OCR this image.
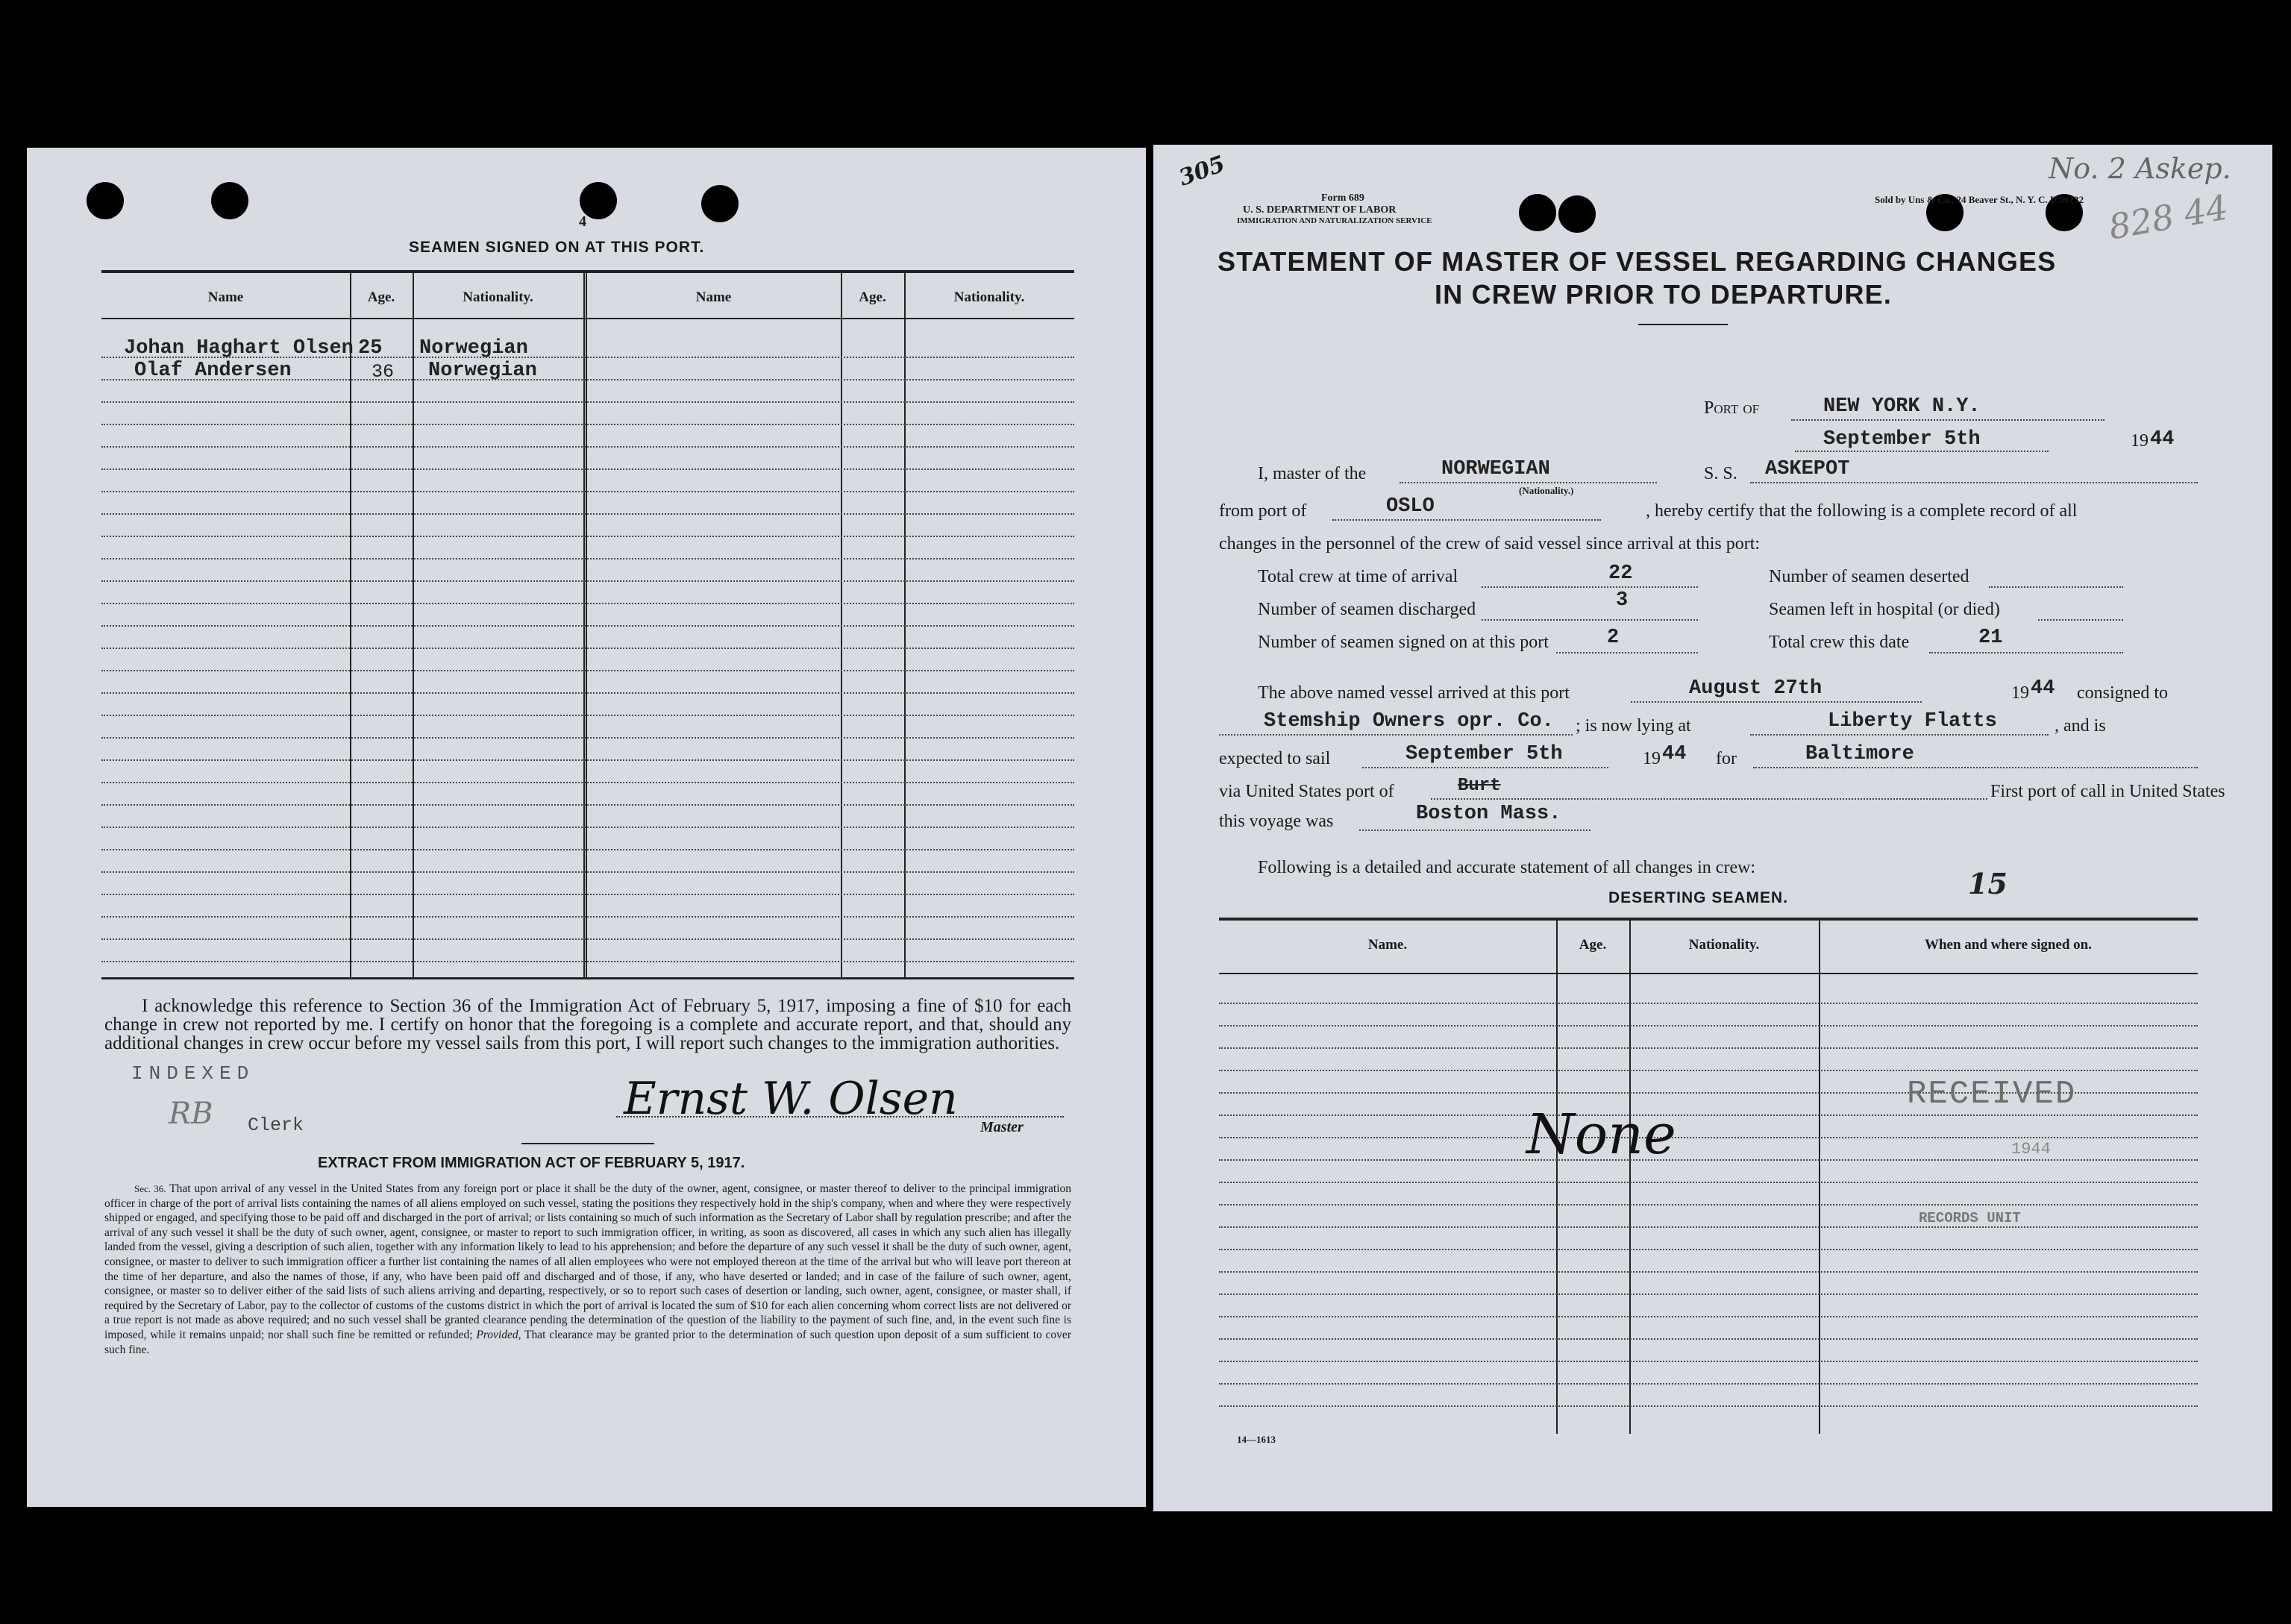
4
SEAMEN SIGNED ON AT THIS PORT.
Name	Age.	Nationality.	Name	Age.	Nationality.
Johan Haghart Olsen 25 Norwegian
Olaf Andersen	36 Norwegian
I acknowledge this reference to Section 36 of the Immigration Act of February 5, 1917, imposing a fine of $10 for each change in crew not reported by me. I certify on honor that the foregoing is a complete and accurate report, and that, should any additional changes in crew occur before my vessel sails from this port, I will report such changes to the immigration authorities.
INDEXED
RB Clerk
Ernst W. Olsen
Master
EXTRACT FROM IMMIGRATION ACT OF FEBRUARY 5, 1917.
Sec. 36. That upon arrival of any vessel in the United States from any foreign port or place it shall be the duty of the owner, agent, consignee, or master thereof to deliver to the principal immigration officer in charge of the port of arrival lists containing the names of all aliens employed on such vessel, stating the positions they respectively hold in the ship's company, when and where they were respectively shipped or engaged, and specifying those to be paid off and discharged in the port of arrival; or lists containing so much of such information as the Secretary of Labor shall by regulation prescribe; and after the arrival of any such vessel it shall be the duty of such owner, agent, consignee, or master to report to such immigration officer, in writing, as soon as discovered, all cases in which any such alien has illegally landed from the vessel, giving a description of such alien, together with any information likely to lead to his apprehension; and before the departure of any such vessel it shall be the duty of such owner, agent, consignee, or master to deliver to such immigration officer a further list containing the names of all alien employees who were not employed thereon at the time of the arrival but who will leave port thereon at the time of her departure, and also the names of those, if any, who have been paid off and discharged and of those, if any, who have deserted or landed; and in case of the failure of such owner, agent, consignee, or master so to deliver either of the said lists of such aliens arriving and departing, respectively, or so to report such cases of desertion or landing, such owner, agent, consignee, or master shall, if required by the Secretary of Labor, pay to the collector of customs of the customs district in which the port of arrival is located the sum of $10 for each alien concerning whom correct lists are not delivered or a true report is not made as above required; and no such vessel shall be granted clearance pending the determination of the question of the liability to the payment of such fine, and, in the event such fine is imposed, while it remains unpaid; nor shall such fine be remitted or refunded; Provided, That clearance may be granted prior to the determination of such question upon deposit of a sum sufficient to cover such fine.
305
Form 689
U. S. DEPARTMENT OF LABOR
IMMIGRATION AND NATURALIZATION SERVICE
Sold by Uns & Co., 24 Beaver St., N. Y. C. U.90132
No. 2 Askep.
828 44
STATEMENT OF MASTER OF VESSEL REGARDING CHANGES
IN CREW PRIOR TO DEPARTURE.
Port of	NEW YORK N.Y.
September 5th	19 44
I, master of the	NORWEGIAN
(Nationality.)
S. S. ASKEPOT
from port of	OSLO	, hereby certify that the following is a complete record of all
changes in the personnel of the crew of said vessel since arrival at this port:
Total crew at time of arrival	22
Number of seamen discharged	3
Number of seamen signed on at this port	2
Number of seamen deserted
Seamen left in hospital (or died)
Total crew this date	21
The above named vessel arrived at this port	August 27th	19 44 consigned to
Stemship Owners opr. Co. ; is now lying at	Liberty Flatts	, and is
expected to sail	September 5th	19 44 for	Baltimore
via United States port of	Burt	First port of call in United States
this voyage was	Boston Mass.
Following is a detailed and accurate statement of all changes in crew:	15
DESERTING SEAMEN.
Name.	Age.	Nationality.	When and where signed on.
None
RECEIVED
1944
RECORDS UNIT
14—1613
